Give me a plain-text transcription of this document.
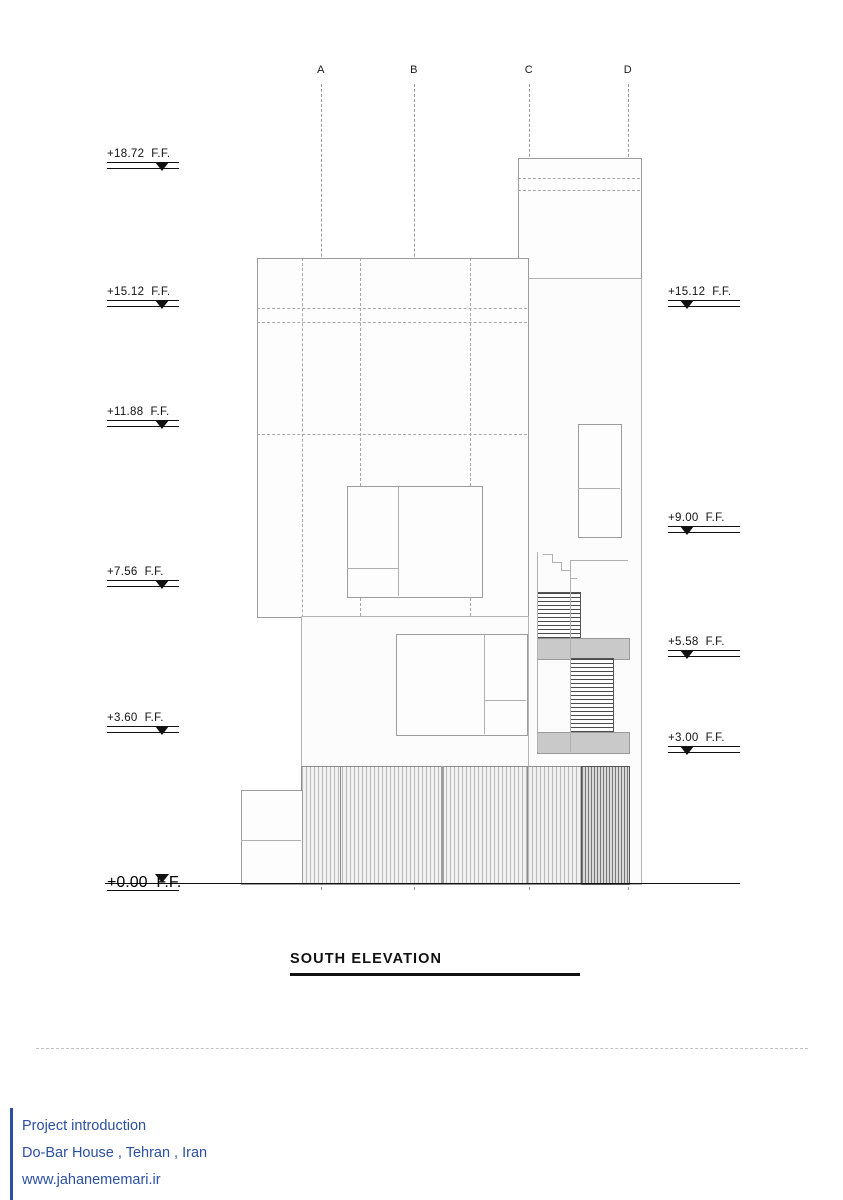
A	B	C	D
+18.72 F.F.
+15.12 F.F.
+11.88 F.F.
+7.56 F.F.
+3.60 F.F.
+0.00 F.F.
+15.12 F.F.
+9.00 F.F.
+5.58 F.F.
+3.00 F.F.
SOUTH ELEVATION
Project introduction
Do-Bar House , Tehran , Iran
www.jahanememari.ir
